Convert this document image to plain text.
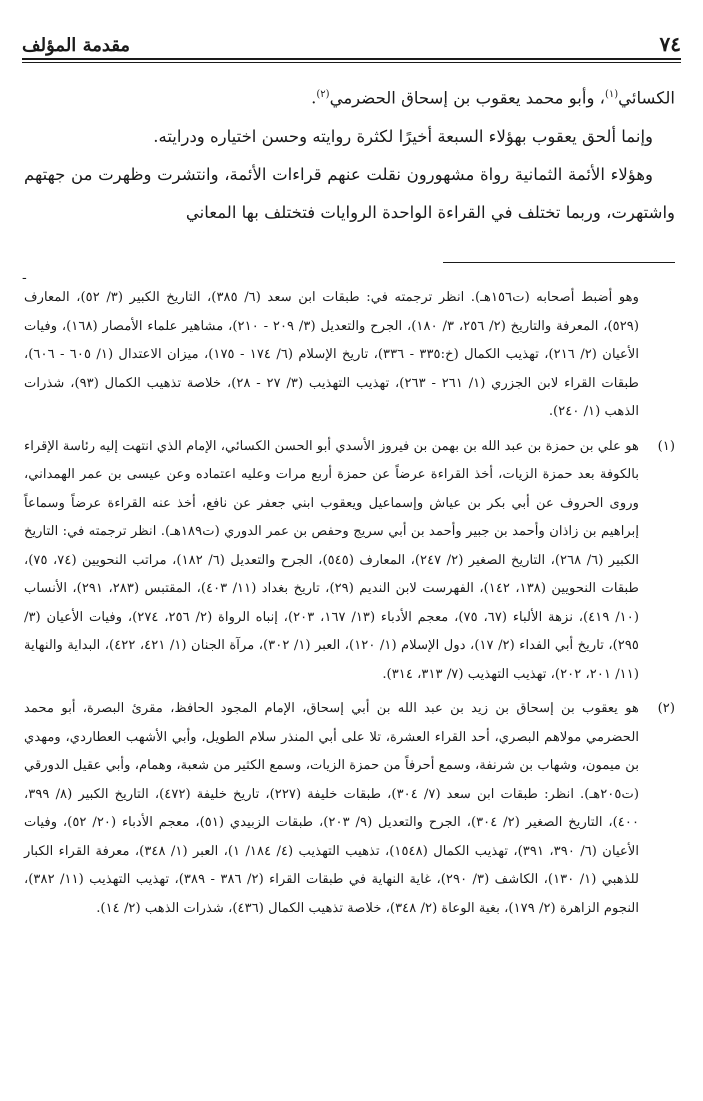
٧٤
مقدمة المؤلف

الكسائي$^{(١)}$، وأبو محمد يعقوب بن إسحاق الحضرمي$^{(٢)}$.

وإنما ألحق يعقوب بهؤلاء السبعة أخيرًا لكثرة روايته وحسن اختياره ودرايته.

وهؤلاء الأئمة الثمانية رواة مشهورون نقلت عنهم قراءات الأئمة، وانتشرت وظهرت من جهتهم واشتهرت، وربما تختلف في القراءة الواحدة الروايات فتختلف بها المعاني

-
وهو أضبط أصحابه (ت١٥٦هـ). انظر ترجمته في: طبقات ابن سعد (٦/ ٣٨٥)، التاريخ الكبير (٣/ ٥٢)، المعارف (٥٢٩)، المعرفة والتاريخ (٢/ ٢٥٦، ٣/ ١٨٠)، الجرح والتعديل (٣/ ٢٠٩ - ٢١٠)، مشاهير علماء الأمصار (١٦٨)، وفيات الأعيان (٢/ ٢١٦)، تهذيب الكمال (خ:٣٣٥ - ٣٣٦)، تاريخ الإسلام (٦/ ١٧٤ - ١٧٥)، ميزان الاعتدال (١/ ٦٠٥ - ٦٠٦)، طبقات القراء لابن الجزري (١/ ٢٦١ - ٢٦٣)، تهذيب التهذيب (٣/ ٢٧ - ٢٨)، خلاصة تذهيب الكمال (٩٣)، شذرات الذهب (١/ ٢٤٠).
(١)
هو علي بن حمزة بن عبد الله بن بهمن بن فيروز الأسدي أبو الحسن الكسائي، الإمام الذي انتهت إليه رئاسة الإقراء بالكوفة بعد حمزة الزيات، أخذ القراءة عرضاً عن حمزة أربع مرات وعليه اعتماده وعن عيسى بن عمر الهمداني، وروى الحروف عن أبي بكر بن عياش وإسماعيل ويعقوب ابني جعفر عن نافع، أخذ عنه القراءة عرضاً وسماعاً إبراهيم بن زاذان وأحمد بن جبير وأحمد بن أبي سريج وحفص بن عمر الدوري (ت١٨٩هـ). انظر ترجمته في: التاريخ الكبير (٦/ ٢٦٨)، التاريخ الصغير (٢/ ٢٤٧)، المعارف (٥٤٥)، الجرح والتعديل (٦/ ١٨٢)، مراتب النحويين (٧٤، ٧٥)، طبقات النحويين (١٣٨، ١٤٢)، الفهرست لابن النديم (٢٩)، تاريخ بغداد (١١/ ٤٠٣)، المقتبس (٢٨٣، ٢٩١)، الأنساب (١٠/ ٤١٩)، نزهة الألباء (٦٧، ٧٥)، معجم الأدباء (١٣/ ١٦٧، ٢٠٣)، إنباه الرواة (٢/ ٢٥٦، ٢٧٤)، وفيات الأعيان (٣/ ٢٩٥)، تاريخ أبي الفداء (٢/ ١٧)، دول الإسلام (١/ ١٢٠)، العبر (١/ ٣٠٢)، مرآة الجنان (١/ ٤٢١، ٤٢٢)، البداية والنهاية (١١/ ٢٠١، ٢٠٢)، تهذيب التهذيب (٧/ ٣١٣، ٣١٤).
(٢)
هو يعقوب بن إسحاق بن زيد بن عبد الله بن أبي إسحاق، الإمام المجود الحافظ، مقرئ البصرة، أبو محمد الحضرمي مولاهم البصري، أحد القراء العشرة، تلا على أبي المنذر سلام الطويل، وأبي الأشهب العطاردي، ومهدي بن ميمون، وشهاب بن شرنفة، وسمع أحرفاً من حمزة الزيات، وسمع الكثير من شعبة، وهمام، وأبي عقيل الدورقي (ت٢٠٥هـ). انظر: طبقات ابن سعد (٧/ ٣٠٤)، طبقات خليفة (٢٢٧)، تاريخ خليفة (٤٧٢)، التاريخ الكبير (٨/ ٣٩٩، ٤٠٠)، التاريخ الصغير (٢/ ٣٠٤)، الجرح والتعديل (٩/ ٢٠٣)، طبقات الزبيدي (٥١)، معجم الأدباء (٢٠/ ٥٢)، وفيات الأعيان (٦/ ٣٩٠، ٣٩١)، تهذيب الكمال (١٥٤٨)، تذهيب التهذيب (٤/ ١٨٤/ ١)، العبر (١/ ٣٤٨)، معرفة القراء الكبار للذهبي (١/ ١٣٠)، الكاشف (٣/ ٢٩٠)، غاية النهاية في طبقات القراء (٢/ ٣٨٦ - ٣٨٩)، تهذيب التهذيب (١١/ ٣٨٢)، النجوم الزاهرة (٢/ ١٧٩)، بغية الوعاة (٢/ ٣٤٨)، خلاصة تذهيب الكمال (٤٣٦)، شذرات الذهب (٢/ ١٤).
